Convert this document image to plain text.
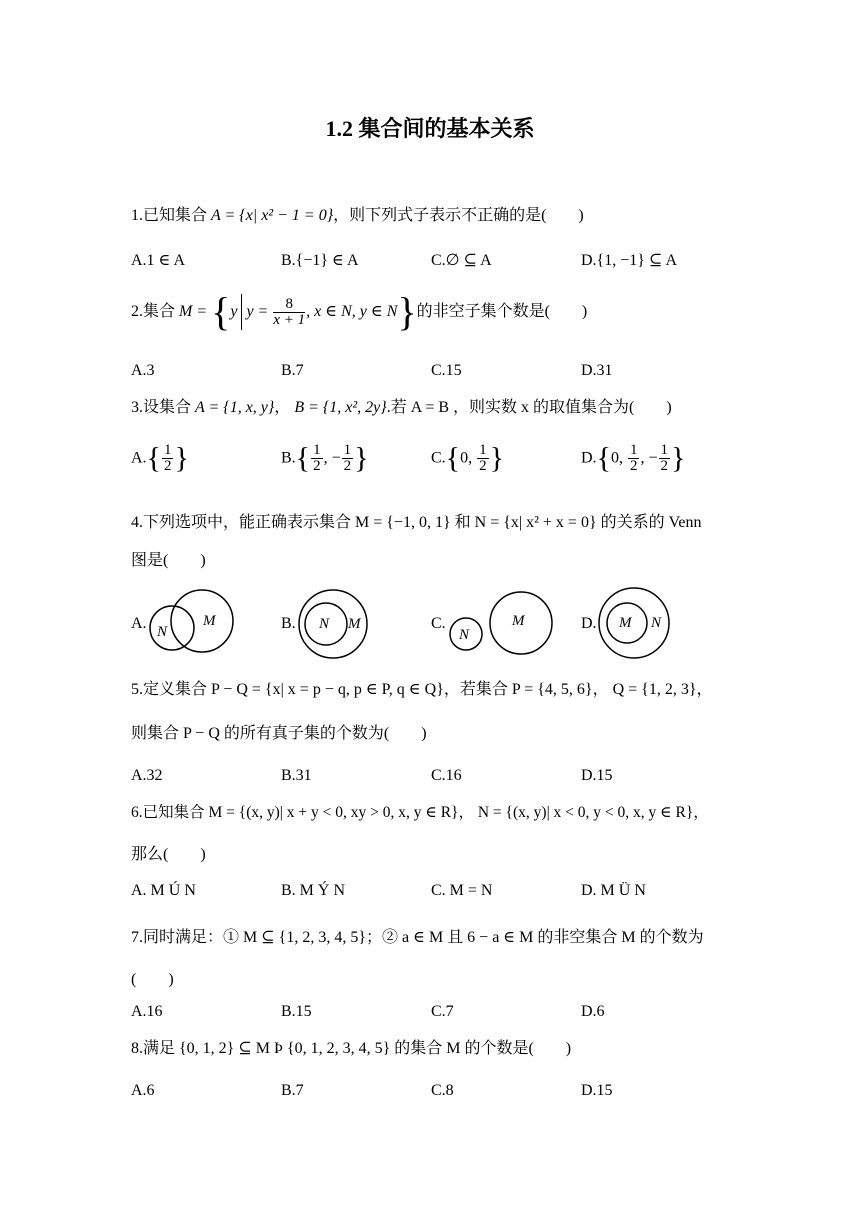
1.2 集合间的基本关系
1.已知集合 A = {x| x² − 1 = 0}，则下列式子表示不正确的是(　　)
A.1 ∈ A	B.{−1} ∈ A	C.∅ ⊆ A	D.{1, −1} ⊆ A
2.集合 M = {y $y = \frac{8}{x + 1}$ , x ∈ N, y ∈ N}的非空子集个数是(　　)
A.3	B.7	C.15	D.31
3.设集合 A = {1, x, y}， B = {1, x², 2y}.若 A = B ，则实数 x 的取值集合为(　　)
$A.\{ \frac{1}{2}$ }	$B.\{ \frac{1}{2}$ , − $\frac{1}{2}$ }	C.{0, $\frac{1}{2}$ }	D.{0, $\frac{1}{2}$ , − $\frac{1}{2}$ }
4.下列选项中，能正确表示集合 M = {−1, 0, 1} 和 N = {x| x² + x = 0} 的关系的 Venn
图是(　　)
A. N
M	B. N M	C.
N
M	D. M N
5.定义集合 P − Q = {x| x = p − q, p ∈ P, q ∈ Q}，若集合 P = {4, 5, 6}， Q = {1, 2, 3}，
则集合 P − Q 的所有真子集的个数为(　　)
A.32	B.31	C.16	D.15
6.已知集合 M = {(x, y)| x + y < 0, xy > 0, x, y ∈ R}， N = {(x, y)| x < 0, y < 0, x, y ∈ R}，
那么(　　)
A. M Ú N	B. M Ý N	C. M = N	D. M Ü N
7.同时满足：① M ⊆ {1, 2, 3, 4, 5}；② a ∈ M 且 6 − a ∈ M 的非空集合 M 的个数为
(　　)
A.16	B.15	C.7	D.6
8.满足 {0, 1, 2} ⊆ M Þ {0, 1, 2, 3, 4, 5} 的集合 M 的个数是(　　)
A.6	B.7	C.8	D.15
